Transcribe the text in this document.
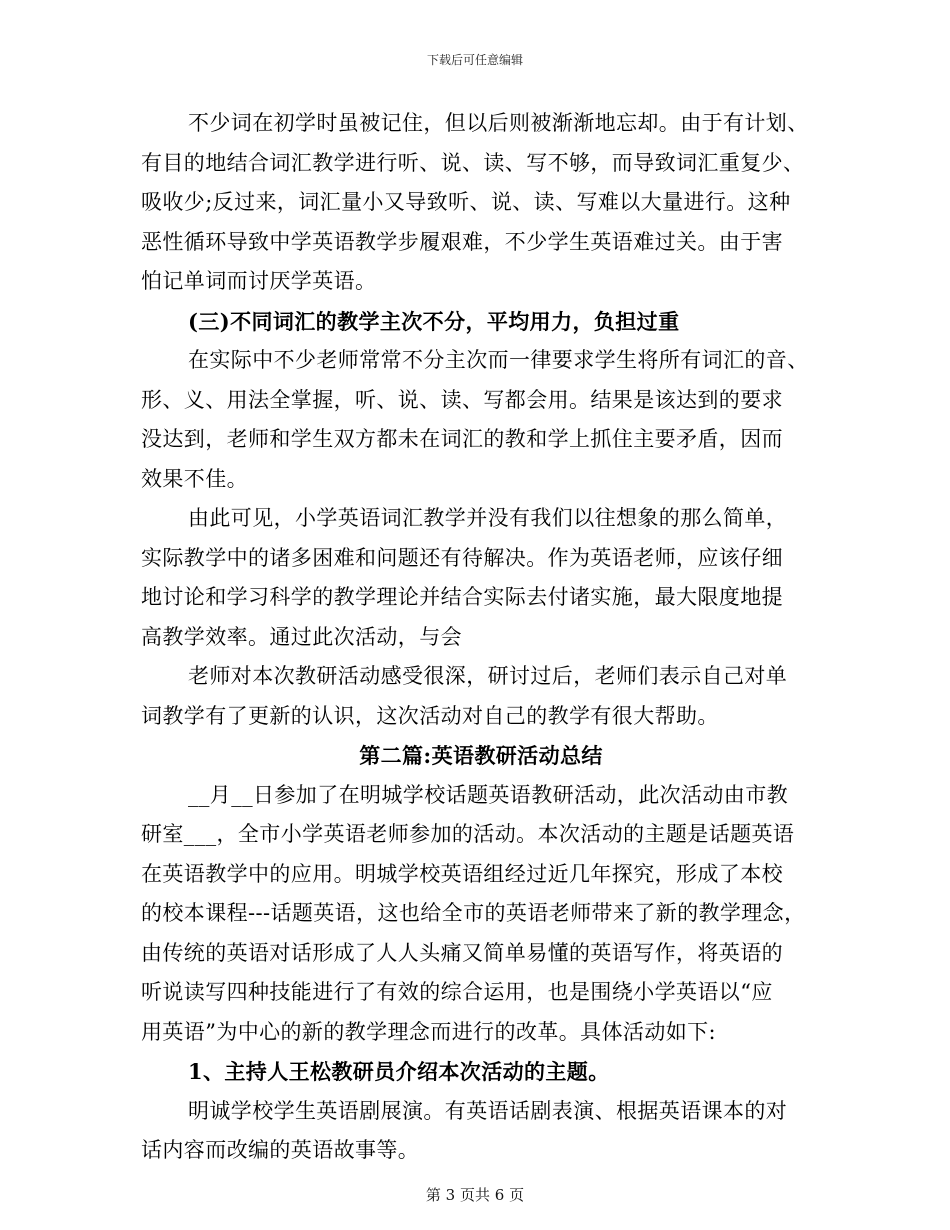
下载后可任意编辑
不少词在初学时虽被记住，但以后则被渐渐地忘却。由于有计划、
有目的地结合词汇教学进行听、说、读、写不够，而导致词汇重复少、
吸收少;反过来，词汇量小又导致听、说、读、写难以大量进行。这种
恶性循环导致中学英语教学步履艰难，不少学生英语难过关。由于害
怕记单词而讨厌学英语。
(三)不同词汇的教学主次不分，平均用力，负担过重
在实际中不少老师常常不分主次而一律要求学生将所有词汇的音、
形、义、用法全掌握，听、说、读、写都会用。结果是该达到的要求
没达到，老师和学生双方都未在词汇的教和学上抓住主要矛盾，因而
效果不佳。
由此可见，小学英语词汇教学并没有我们以往想象的那么简单，
实际教学中的诸多困难和问题还有待解决。作为英语老师，应该仔细
地讨论和学习科学的教学理论并结合实际去付诸实施，最大限度地提
高教学效率。通过此次活动，与会
老师对本次教研活动感受很深，研讨过后，老师们表示自己对单
词教学有了更新的认识，这次活动对自己的教学有很大帮助。
第二篇:英语教研活动总结
__月__日参加了在明城学校话题英语教研活动，此次活动由市教
研室___，全市小学英语老师参加的活动。本次活动的主题是话题英语
在英语教学中的应用。明城学校英语组经过近几年探究，形成了本校
的校本课程---话题英语，这也给全市的英语老师带来了新的教学理念，
由传统的英语对话形成了人人头痛又简单易懂的英语写作，将英语的
听说读写四种技能进行了有效的综合运用，也是围绕小学英语以“应
用英语”为中心的新的教学理念而进行的改革。具体活动如下:
1、主持人王松教研员介绍本次活动的主题。
明诚学校学生英语剧展演。有英语话剧表演、根据英语课本的对
话内容而改编的英语故事等。
第 3 页共 6 页
